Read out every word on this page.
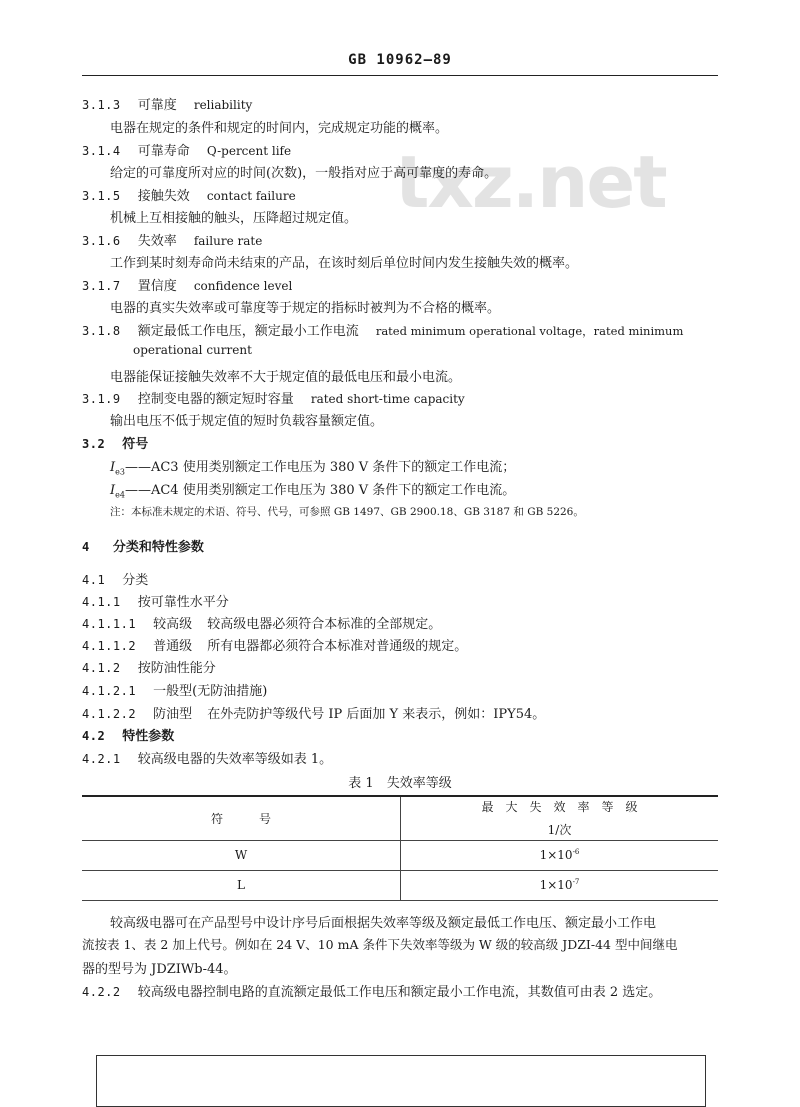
GB 10962—89
txz.net
3.1.3 可靠度 reliability
电器在规定的条件和规定的时间内，完成规定功能的概率。
3.1.4 可靠寿命 Q-percent life
给定的可靠度所对应的时间(次数)，一般指对应于高可靠度的寿命。
3.1.5 接触失效 contact failure
机械上互相接触的触头，压降超过规定值。
3.1.6 失效率 failure rate
工作到某时刻寿命尚未结束的产品，在该时刻后单位时间内发生接触失效的概率。
3.1.7 置信度 confidence level
电器的真实失效率或可靠度等于规定的指标时被判为不合格的概率。
3.1.8 额定最低工作电压，额定最小工作电流 rated minimum operational voltage，rated minimum
operational current
电器能保证接触失效率不大于规定值的最低电压和最小电流。
3.1.9 控制变电器的额定短时容量 rated short-time capacity
输出电压不低于规定值的短时负载容量额定值。
3.2 符号
$I_{e3}——AC3$ 使用类别额定工作电压为 380 V 条件下的额定工作电流；
$I_{e4}——AC4$ 使用类别额定工作电压为 380 V 条件下的额定工作电流。
注：本标准未规定的术语、符号、代号，可参照 GB 1497、GB 2900.18、GB 3187 和 GB 5226。
4 分类和特性参数
4.1 分类
4.1.1 按可靠性水平分
4.1.1.1 较高级 较高级电器必须符合本标准的全部规定。
4.1.1.2 普通级 所有电器都必须符合本标准对普通级的规定。
4.1.2 按防油性能分
4.1.2.1 一般型(无防油措施)
4.1.2.2 防油型 在外壳防护等级代号 IP 后面加 Y 来表示，例如：IPY54。
4.2 特性参数
4.2.1 较高级电器的失效率等级如表 1。
表 1　失效率等级
符　　　号	最　大　失　效　率　等　级
1/次

W	$1\times 10^{-6}$
L	$1\times 10^{-7}$
较高级电器可在产品型号中设计序号后面根据失效率等级及额定最低工作电压、额定最小工作电
流按表 1、表 2 加上代号。例如在 24 V、10 mA 条件下失效率等级为 W 级的较高级 JDZI-44 型中间继电
器的型号为 JDZIWb-44。
4.2.2 较高级电器控制电路的直流额定最低工作电压和额定最小工作电流，其数值可由表 2 选定。
